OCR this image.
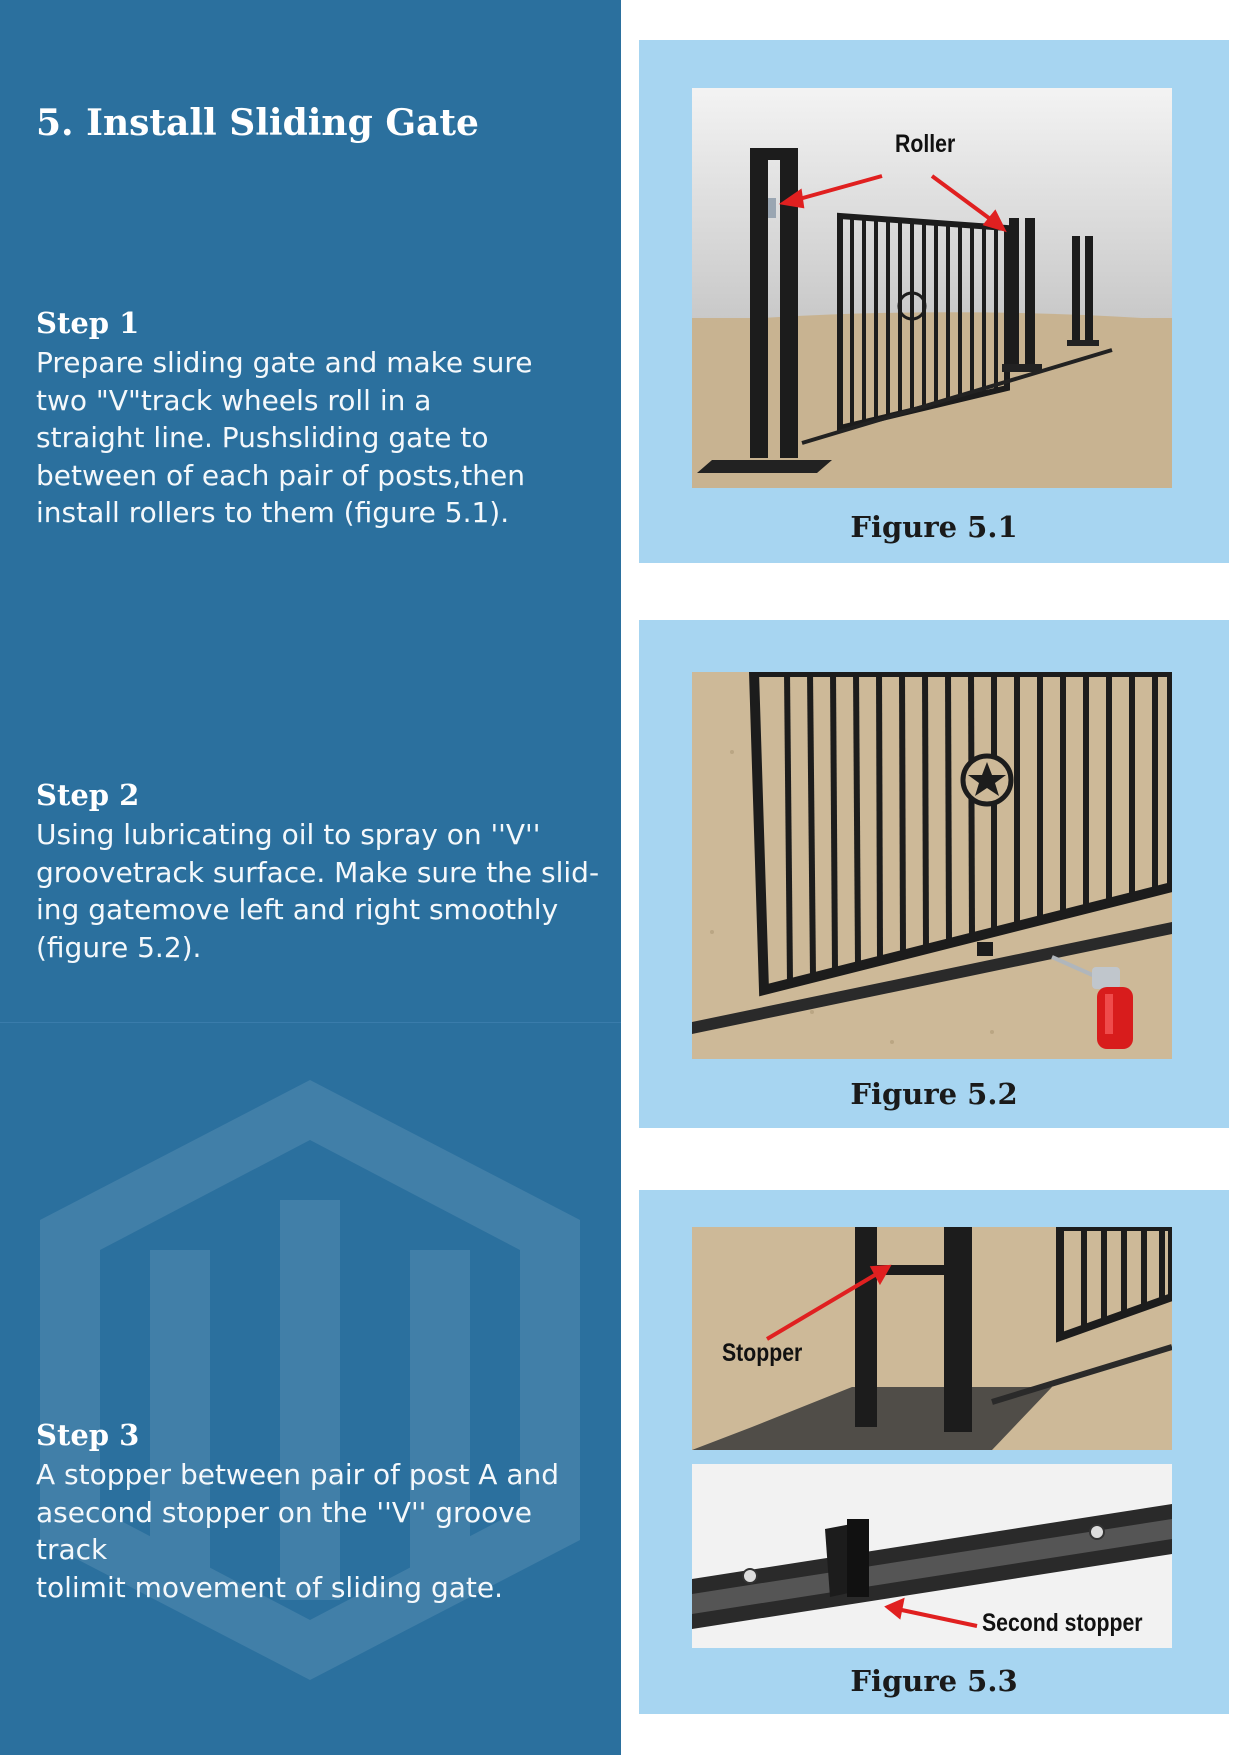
5. Install Sliding Gate
Step 1

Prepare sliding gate and make sure
two "V"track wheels roll in a
straight line. Pushsliding gate to
between of each pair of posts,then
install rollers to them (figure 5.1).

Step 2

Using lubricating oil to spray on ''V''
groovetrack surface. Make sure the slid-
ing gatemove left and right smoothly
(figure 5.2).

Step 3

A stopper between pair of post A and
asecond stopper on the ''V'' groove track
tolimit movement of sliding gate.

Roller

Figure 5.1

Figure 5.2

Stopper
Second stopper

Figure 5.3
